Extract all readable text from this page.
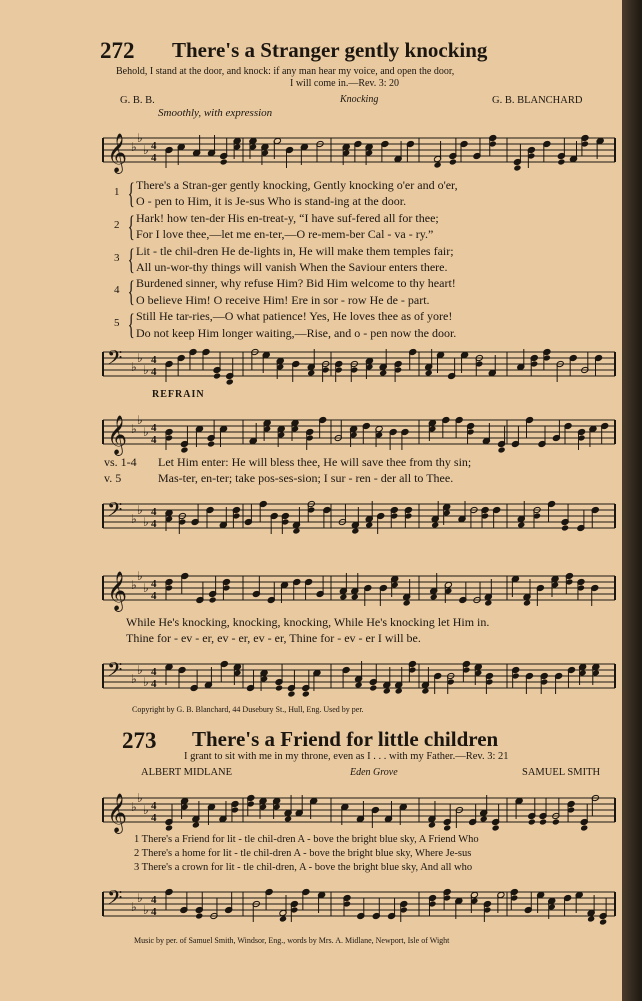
272 There's a Stranger gently knocking
Behold, I stand at the door, and knock: if any man hear my voice, and open the door,
I will come in.—Rev. 3: 20
G. B. B.	Knocking	G. B. BLANCHARD
Smoothly, with expression
𝄞 ♭
♭
♭ 4
4
1 { There's a Stran-ger gently knocking, Gently knocking o'er and o'er,
O - pen to Him, it is Je-sus Who is stand-ing at the door.
2 { Hark! how ten-der His en-treat-y, “I have suf-fered all for thee;
For I love thee,—let me en-ter,—O re-mem-ber Cal - va - ry.”
3 { Lit - tle chil-dren He de-lights in, He will make them temples fair;
All un-wor-thy things will vanish When the Saviour enters there.
4 { Burdened sinner, why refuse Him? Bid Him welcome to thy heart!
O believe Him! O receive Him! Ere in sor - row He de - part.
5 { Still He tar-ries,—O what patience! Yes, He loves thee as of yore!
Do not keep Him longer waiting,—Rise, and o - pen now the door.
𝄢 ♭
♭
♭
4
4
REFRAIN
𝄞 ♭
♭
♭ 4
4
vs. 1-4 Let Him enter: He will bless thee, He will save thee from thy sin;
v. 5	Mas-ter, en-ter; take pos-ses-sion; I sur - ren - der all to Thee.
𝄢 ♭
♭
♭
4
4
𝄞 ♭
♭
♭ 4
4
While He's knocking, knocking, knocking, While He's knocking let Him in.
Thine for - ev - er, ev - er, ev - er, Thine for - ev - er I will be.
𝄢 ♭
♭
♭
4
4
Copyright by G. B. Blanchard, 44 Dusebury St., Hull, Eng. Used by per.
273 There's a Friend for little children
I grant to sit with me in my throne, even as I . . . with my Father.—Rev. 3: 21
ALBERT MIDLANE	Eden Grove	SAMUEL SMITH
𝄞 ♭
♭
♭ 4
4
1 There's a Friend for lit - tle chil-dren A - bove the bright blue sky, A Friend Who
2 There's a home for lit - tle chil-dren A - bove the bright blue sky, Where Je-sus
3 There's a crown for lit - tle chil-dren, A - bove the bright blue sky, And all who
𝄢 ♭
♭
♭
4
4
Music by per. of Samuel Smith, Windsor, Eng., words by Mrs. A. Midlane, Newport, Isle of Wight
